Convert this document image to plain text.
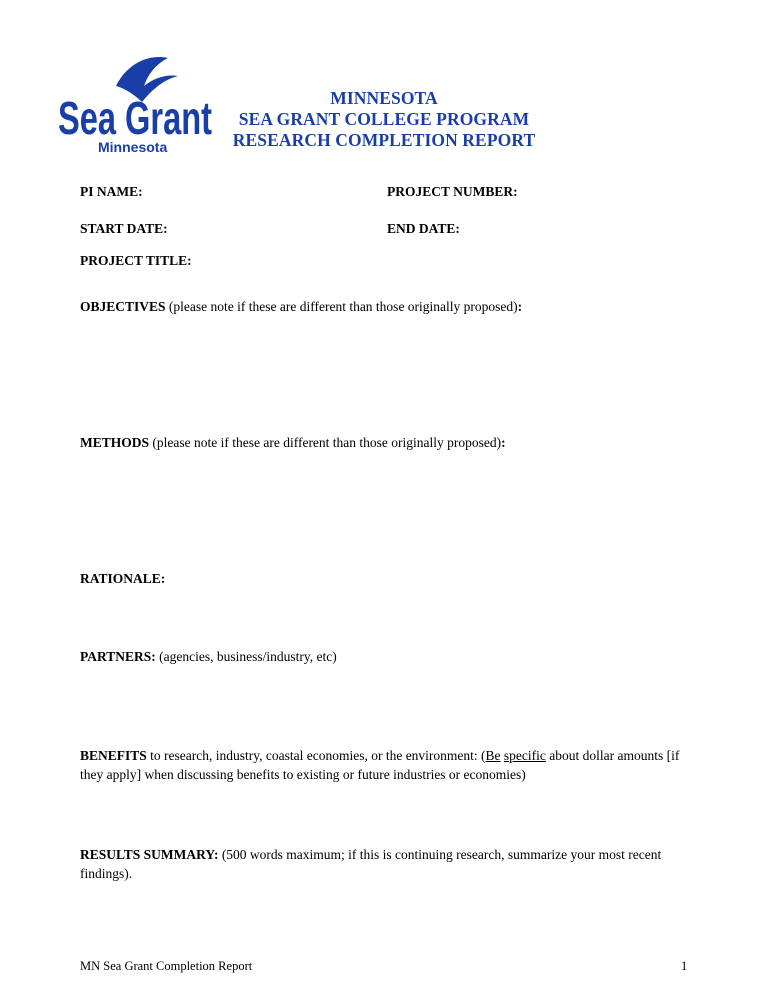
Sea Grant
Minnesota
MINNESOTA
SEA GRANT COLLEGE PROGRAM
RESEARCH COMPLETION REPORT
PI NAME:	PROJECT NUMBER:
START DATE:	END DATE:
PROJECT TITLE:
OBJECTIVES (please note if these are different than those originally proposed):
METHODS (please note if these are different than those originally proposed):
RATIONALE:
PARTNERS: (agencies, business/industry, etc)
BENEFITS to research, industry, coastal economies, or the environment: (Be specific about dollar amounts [if they apply] when discussing benefits to existing or future industries or economies)
RESULTS SUMMARY: (500 words maximum; if this is continuing research, summarize your most recent findings).
MN Sea Grant Completion Report	1
